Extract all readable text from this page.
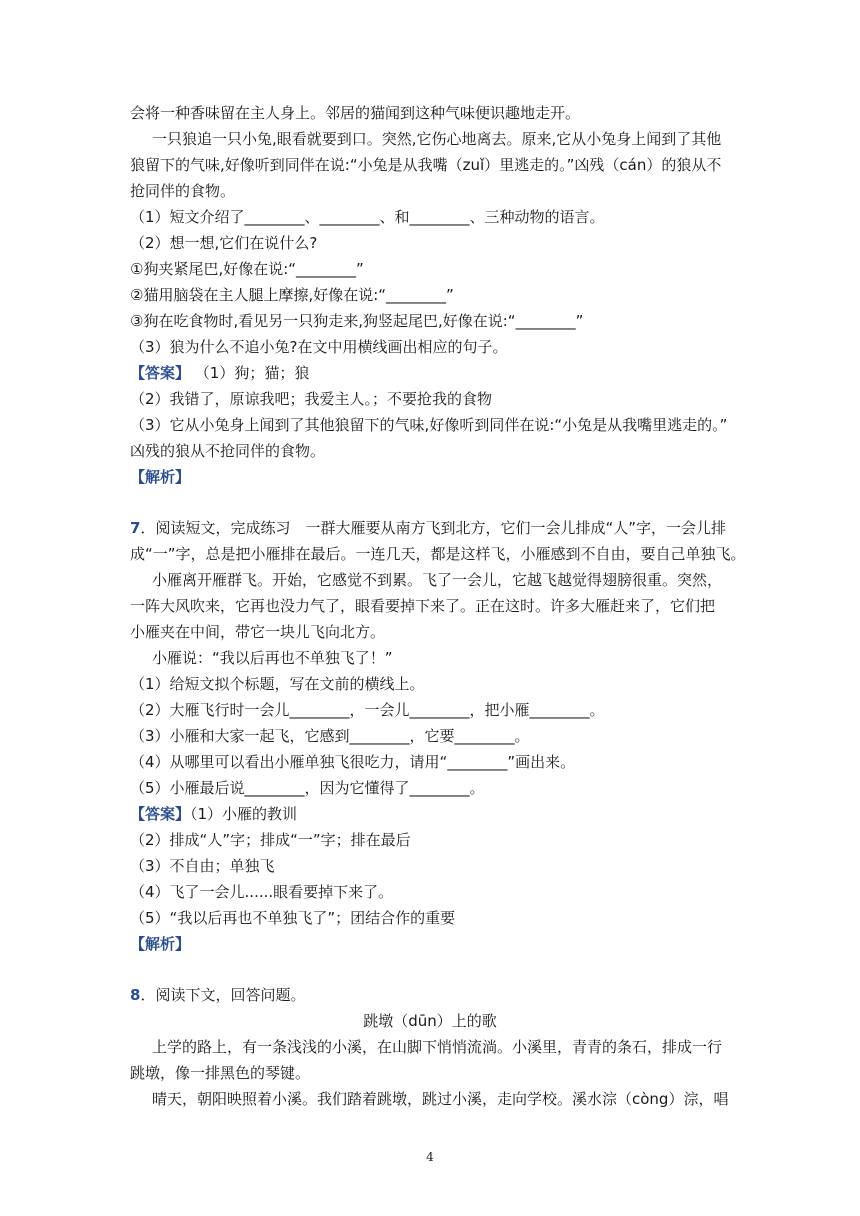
会将一种香味留在主人身上。邻居的猫闻到这种气味便识趣地走开。
一只狼追一只小兔,眼看就要到口。突然,它伤心地离去。原来,它从小兔身上闻到了其他
狼留下的气味,好像听到同伴在说:“小兔是从我嘴（zuǐ）里逃走的。”凶残（cán）的狼从不
抢同伴的食物。
（1）短文介绍了________、________、和________、三种动物的语言。
（2）想一想,它们在说什么?
①狗夹紧尾巴,好像在说:“________”
②猫用脑袋在主人腿上摩擦,好像在说:“________”
③狗在吃食物时,看见另一只狗走来,狗竖起尾巴,好像在说:“________”
（3）狼为什么不追小兔?在文中用横线画出相应的句子。
【答案】 （1）狗；猫；狼
（2）我错了，原谅我吧；我爱主人。；不要抢我的食物
（3）它从小兔身上闻到了其他狼留下的气味,好像听到同伴在说:“小兔是从我嘴里逃走的。”
凶残的狼从不抢同伴的食物。
【解析】
7．阅读短文，完成练习　一群大雁要从南方飞到北方，它们一会儿排成“人”字，一会儿排
成“一”字，总是把小雁排在最后。一连几天，都是这样飞，小雁感到不自由，要自己单独飞。
小雁离开雁群飞。开始，它感觉不到累。飞了一会儿，它越飞越觉得翅膀很重。突然，
一阵大风吹来，它再也没力气了，眼看要掉下来了。正在这时。许多大雁赶来了，它们把
小雁夹在中间，带它一块儿飞向北方。
小雁说：“我以后再也不单独飞了！”
（1）给短文拟个标题，写在文前的横线上。
（2）大雁飞行时一会儿________，一会儿________，把小雁________。
（3）小雁和大家一起飞，它感到________，它要________。
（4）从哪里可以看出小雁单独飞很吃力，请用“________”画出来。
（5）小雁最后说________，因为它懂得了________。
【答案】（1）小雁的教训
（2）排成“人”字；排成“一”字；排在最后
（3）不自由；单独飞
（4）飞了一会儿......眼看要掉下来了。
（5）“我以后再也不单独飞了”；团结合作的重要
【解析】
8．阅读下文，回答问题。
跳墩（dūn）上的歌
上学的路上，有一条浅浅的小溪，在山脚下悄悄流淌。小溪里，青青的条石，排成一行
跳墩，像一排黑色的琴键。
晴天，朝阳映照着小溪。我们踏着跳墩，跳过小溪，走向学校。溪水淙（còng）淙，唱
4
